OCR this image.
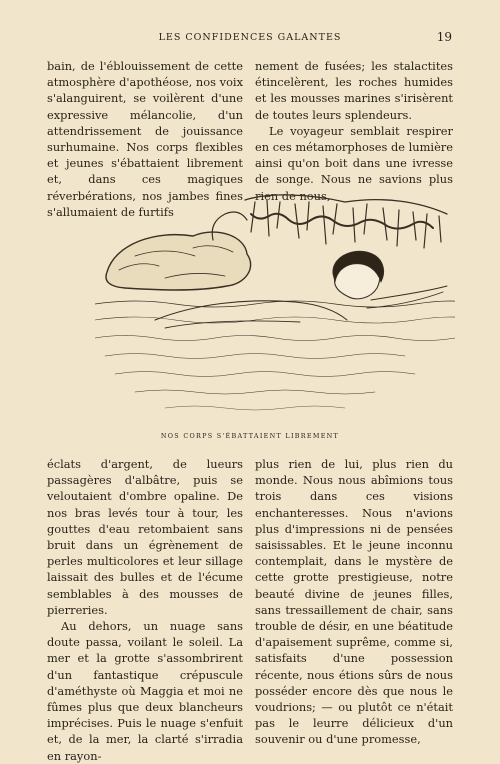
LES CONFIDENCES GALANTES	19

bain, de l'éblouissement de cette atmosphère d'apothéose, nos voix s'alanguirent, se voilèrent d'une expressive mélancolie, d'un attendrissement de jouissance surhumaine. Nos corps flexibles et jeunes s'ébattaient librement et, dans ces magiques réverbérations, nos jambes fines s'allumaient de furtifs

nement de fusées; les stalactites étincelèrent, les roches humides et les mousses marines s'irisèrent de toutes leurs splendeurs.

Le voyageur semblait respirer en ces métamorphoses de lumière ainsi qu'on boit dans une ivresse de songe. Nous ne savions plus rien de nous,

NOS CORPS S'ÉBATTAIENT LIBREMENT

éclats d'argent, de lueurs passagères d'albâtre, puis se veloutaient d'ombre opaline. De nos bras levés tour à tour, les gouttes d'eau retombaient sans bruit dans un égrènement de perles multicolores et leur sillage laissait des bulles et de l'écume semblables à des mousses de pierreries.

Au dehors, un nuage sans doute passa, voilant le soleil. La mer et la grotte s'assombrirent d'un fantastique crépuscule d'améthyste où Maggia et moi ne fûmes plus que deux blancheurs imprécises. Puis le nuage s'enfuit et, de la mer, la clarté s'irradia en rayon-

plus rien de lui, plus rien du monde. Nous nous abîmions tous trois dans ces visions enchanteresses. Nous n'avions plus d'impressions ni de pensées saisissables. Et le jeune inconnu contemplait, dans le mystère de cette grotte prestigieuse, notre beauté divine de jeunes filles, sans tressaillement de chair, sans trouble de désir, en une béatitude d'apaisement suprême, comme si, satisfaits d'une possession récente, nous étions sûrs de nous posséder encore dès que nous le voudrions; — ou plutôt ce n'était pas le leurre délicieux d'un souvenir ou d'une promesse,
